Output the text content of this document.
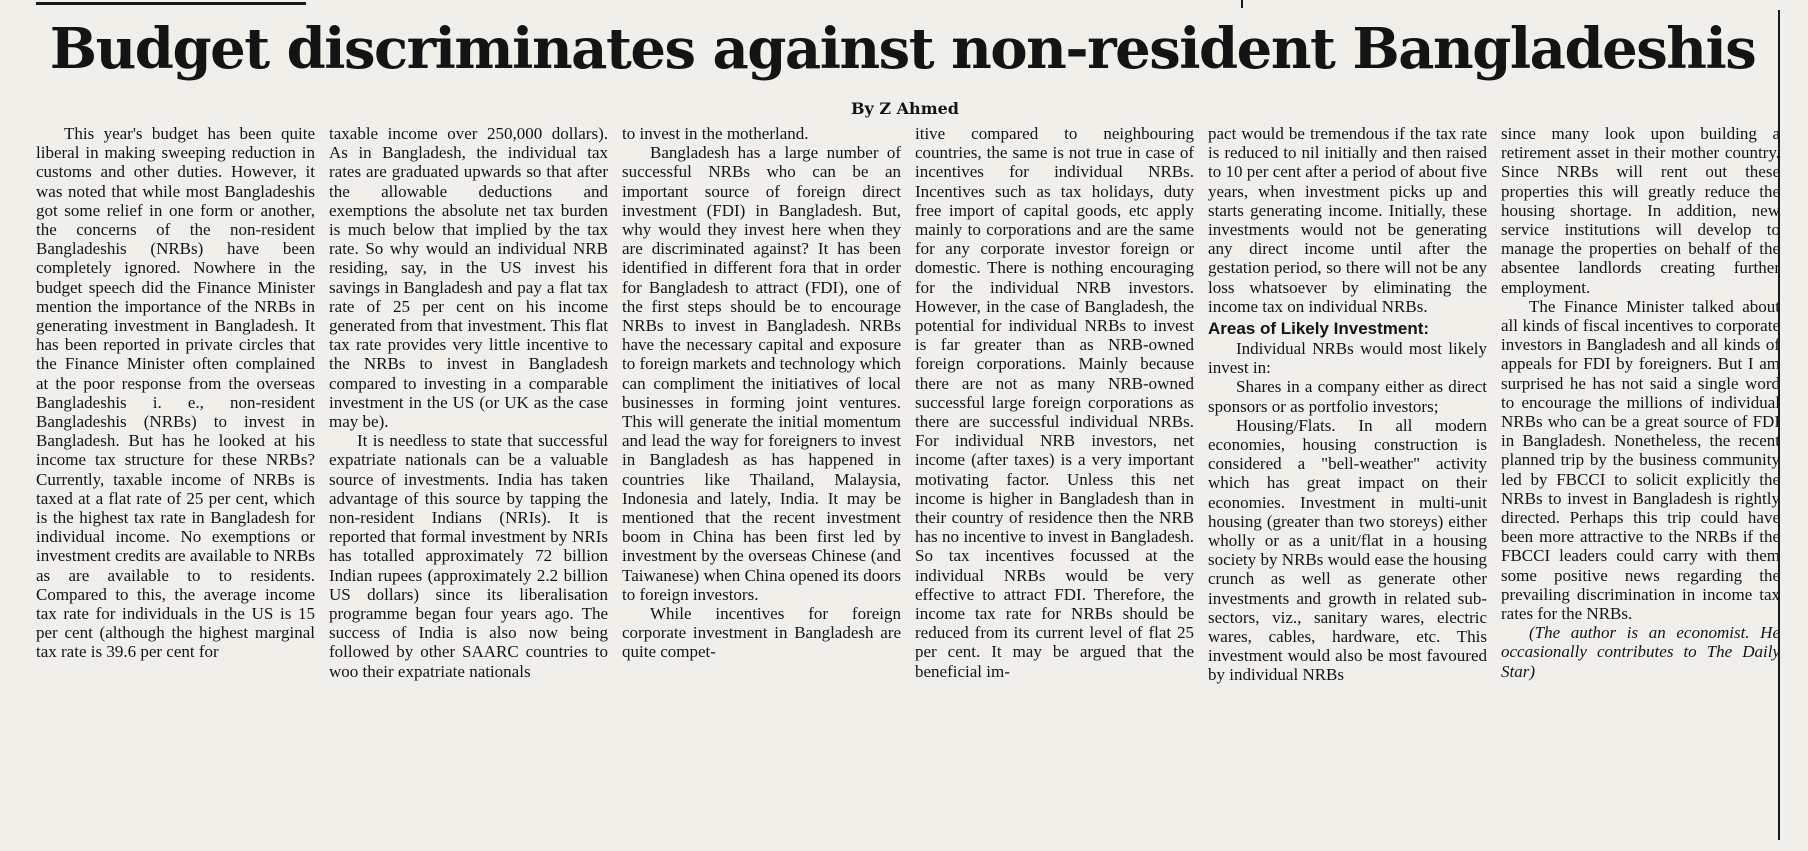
Budget discriminates against non-resident Bangladeshis
By Z Ahmed

This year's budget has been quite liberal in making sweeping reduction in customs and other duties. However, it was noted that while most Bangladeshis got some relief in one form or another, the concerns of the non-resident Bangladeshis (NRBs) have been completely ignored. Nowhere in the budget speech did the Finance Minister mention the importance of the NRBs in generating investment in Bangladesh. It has been reported in private circles that the Finance Minister often complained at the poor response from the overseas Bangladeshis i. e., non-resident Bangladeshis (NRBs) to invest in Bangladesh. But has he looked at his income tax structure for these NRBs? Currently, taxable income of NRBs is taxed at a flat rate of 25 per cent, which is the highest tax rate in Bangladesh for individual income. No exemptions or investment credits are available to NRBs as are available to to residents. Compared to this, the average income tax rate for individuals in the US is 15 per cent (although the highest marginal tax rate is 39.6 per cent for

taxable income over 250,000 dollars). As in Bangladesh, the individual tax rates are graduated upwards so that after the allowable deductions and exemptions the absolute net tax burden is much below that implied by the tax rate. So why would an individual NRB residing, say, in the US invest his savings in Bangladesh and pay a flat tax rate of 25 per cent on his income generated from that investment. This flat tax rate provides very little incentive to the NRBs to invest in Bangladesh compared to investing in a comparable investment in the US (or UK as the case may be).

It is needless to state that successful expatriate nationals can be a valuable source of investments. India has taken advantage of this source by tapping the non-resident Indians (NRIs). It is reported that formal investment by NRIs has totalled approximately 72 billion Indian rupees (approximately 2.2 billion US dollars) since its liberalisation programme began four years ago. The success of India is also now being followed by other SAARC countries to woo their expatriate nationals

to invest in the motherland.

Bangladesh has a large number of successful NRBs who can be an important source of foreign direct investment (FDI) in Bangladesh. But, why would they invest here when they are discriminated against? It has been identified in different fora that in order for Bangladesh to attract (FDI), one of the first steps should be to encourage NRBs to invest in Bangladesh. NRBs have the necessary capital and exposure to foreign markets and technology which can compliment the initiatives of local businesses in forming joint ventures. This will generate the initial momentum and lead the way for foreigners to invest in Bangladesh as has happened in countries like Thailand, Malaysia, Indonesia and lately, India. It may be mentioned that the recent investment boom in China has been first led by investment by the overseas Chinese (and Taiwanese) when China opened its doors to foreign investors.

While incentives for foreign corporate investment in Bangladesh are quite compet-

itive compared to neighbouring countries, the same is not true in case of incentives for individual NRBs. Incentives such as tax holidays, duty free import of capital goods, etc apply mainly to corporations and are the same for any corporate investor foreign or domestic. There is nothing encouraging for the individual NRB investors. However, in the case of Bangladesh, the potential for individual NRBs to invest is far greater than as NRB-owned foreign corporations. Mainly because there are not as many NRB-owned successful large foreign corporations as there are successful individual NRBs. For individual NRB investors, net income (after taxes) is a very important motivating factor. Unless this net income is higher in Bangladesh than in their country of residence then the NRB has no incentive to invest in Bangladesh. So tax incentives focussed at the individual NRBs would be very effective to attract FDI. Therefore, the income tax rate for NRBs should be reduced from its current level of flat 25 per cent. It may be argued that the beneficial im-

pact would be tremendous if the tax rate is reduced to nil initially and then raised to 10 per cent after a period of about five years, when investment picks up and starts generating income. Initially, these investments would not be generating any direct income until after the gestation period, so there will not be any loss whatsoever by eliminating the income tax on individual NRBs.

Areas of Likely Investment:

Individual NRBs would most likely invest in:

Shares in a company either as direct sponsors or as portfolio investors;

Housing/Flats. In all modern economies, housing construction is considered a "bell-weather" activity which has great impact on their economies. Investment in multi-unit housing (greater than two storeys) either wholly or as a unit/flat in a housing society by NRBs would ease the housing crunch as well as generate other investments and growth in related sub-sectors, viz., sanitary wares, electric wares, cables, hardware, etc. This investment would also be most favoured by individual NRBs

since many look upon building a retirement asset in their mother country. Since NRBs will rent out these properties this will greatly reduce the housing shortage. In addition, new service institutions will develop to manage the properties on behalf of the absentee landlords creating further employment.

The Finance Minister talked about all kinds of fiscal incentives to corporate investors in Bangladesh and all kinds of appeals for FDI by foreigners. But I am surprised he has not said a single word to encourage the millions of individual NRBs who can be a great source of FDI in Bangladesh. Nonetheless, the recent planned trip by the business community led by FBCCI to solicit explicitly the NRBs to invest in Bangladesh is rightly directed. Perhaps this trip could have been more attractive to the NRBs if the FBCCI leaders could carry with them some positive news regarding the prevailing discrimination in income tax rates for the NRBs.

(The author is an economist. He occasionally contributes to The Daily Star)
